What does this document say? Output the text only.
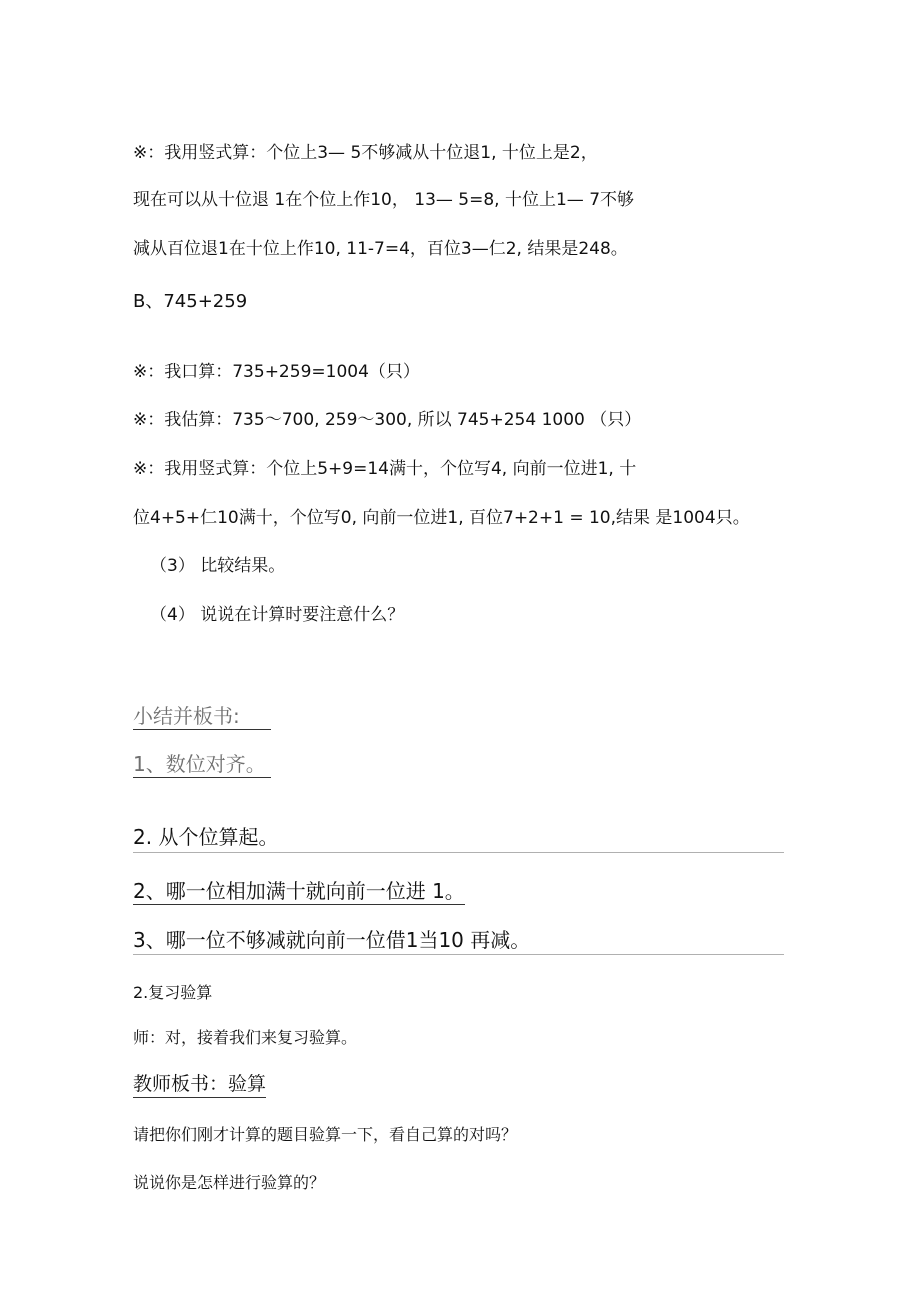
※：我用竖式算：个位上3— 5不够减从十位退1, 十位上是2，
现在可以从十位退 1在个位上作10， 13— 5=8, 十位上1— 7不够
减从百位退1在十位上作10, 11-7=4，百位3—仁2, 结果是248。
B、745+259
※：我口算：735+259=1004（只）
※：我估算：735～700, 259～300, 所以 745+254 1000 （只）
※：我用竖式算：个位上5+9=14满十，个位写4, 向前一位进1, 十
位4+5+仁10满十，个位写0, 向前一位进1, 百位7+2+1 = 10,结果 是1004只。
（3） 比较结果。
（4） 说说在计算时要注意什么？
小结并板书:
1、数位对齐。
2. 从个位算起。
2、哪一位相加满十就向前一位进 1。
3、哪一位不够减就向前一位借1当10 再减。
2.复习验算
师：对，接着我们来复习验算。
教师板书：验算
请把你们刚才计算的题目验算一下，看自己算的对吗？
说说你是怎样进行验算的？
